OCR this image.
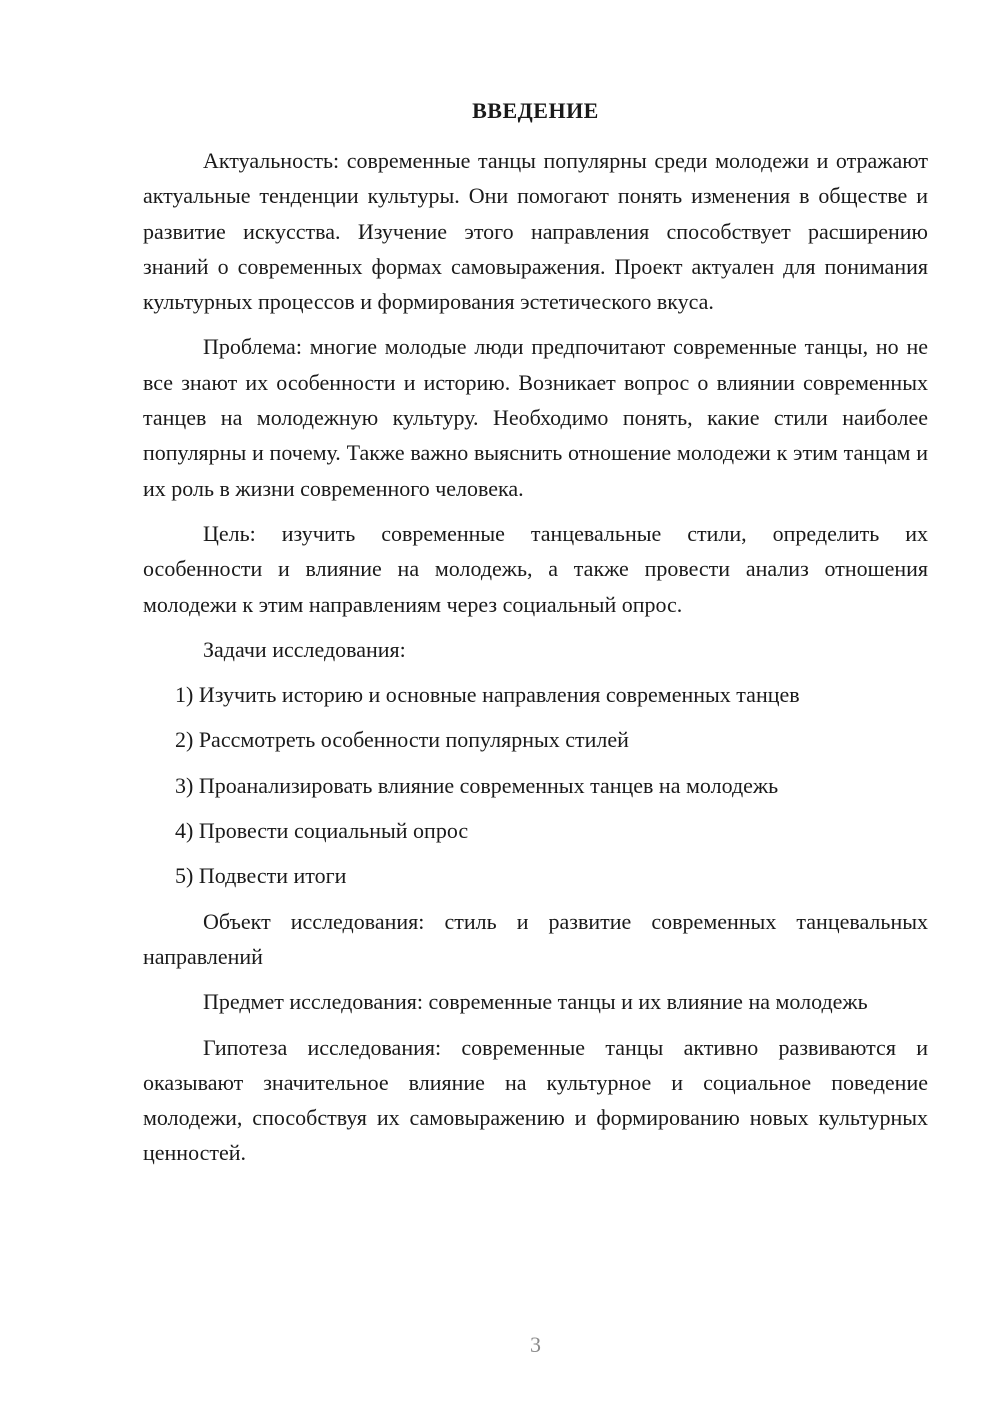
ВВЕДЕНИЕ

Актуальность: современные танцы популярны среди молодежи и отражают актуальные тенденции культуры. Они помогают понять изменения в обществе и развитие искусства. Изучение этого направления способствует расширению знаний о современных формах самовыражения. Проект актуален для понимания культурных процессов и формирования эстетического вкуса.

Проблема: многие молодые люди предпочитают современные танцы, но не все знают их особенности и историю. Возникает вопрос о влиянии современных танцев на молодежную культуру. Необходимо понять, какие стили наиболее популярны и почему. Также важно выяснить отношение молодежи к этим танцам и их роль в жизни современного человека.

Цель: изучить современные танцевальные стили, определить их особенности и влияние на молодежь, а также провести анализ отношения молодежи к этим направлениям через социальный опрос.

Задачи исследования:

1) Изучить историю и основные направления современных танцев

2) Рассмотреть особенности популярных стилей

3) Проанализировать влияние современных танцев на молодежь

4) Провести социальный опрос

5) Подвести итоги

Объект исследования: стиль и развитие современных танцевальных направлений

Предмет исследования: современные танцы и их влияние на молодежь

Гипотеза исследования: современные танцы активно развиваются и оказывают значительное влияние на культурное и социальное поведение молодежи, способствуя их самовыражению и формированию новых культурных ценностей.

3
